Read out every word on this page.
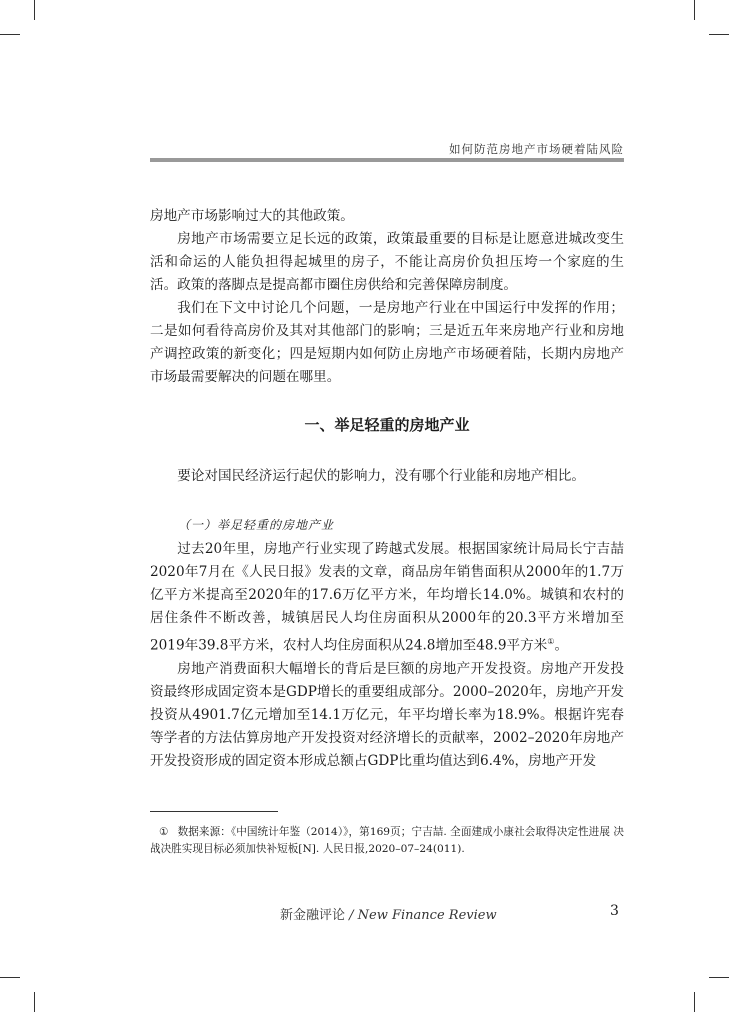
如何防范房地产市场硬着陆风险

房地产市场影响过大的其他政策。

房地产市场需要立足长远的政策，政策最重要的目标是让愿意进城改变生活和命运的人能负担得起城里的房子，不能让高房价负担压垮一个家庭的生活。政策的落脚点是提高都市圈住房供给和完善保障房制度。

我们在下文中讨论几个问题，一是房地产行业在中国运行中发挥的作用；二是如何看待高房价及其对其他部门的影响；三是近五年来房地产行业和房地产调控政策的新变化；四是短期内如何防止房地产市场硬着陆，长期内房地产市场最需要解决的问题在哪里。

一、举足轻重的房地产业

要论对国民经济运行起伏的影响力，没有哪个行业能和房地产相比。

（一）举足轻重的房地产业

过去20年里，房地产行业实现了跨越式发展。根据国家统计局局长宁吉喆2020年7月在《人民日报》发表的文章，商品房年销售面积从2000年的1.7万亿平方米提高至2020年的17.6万亿平方米，年均增长14.0%。城镇和农村的居住条件不断改善，城镇居民人均住房面积从2000年的20.3平方米增加至2019年39.8平方米，农村人均住房面积从24.8增加至48.9平方米①。

房地产消费面积大幅增长的背后是巨额的房地产开发投资。房地产开发投资最终形成固定资本是GDP增长的重要组成部分。2000–2020年，房地产开发投资从4901.7亿元增加至14.1万亿元，年平均增长率为18.9%。根据许宪春等学者的方法估算房地产开发投资对经济增长的贡献率，2002–2020年房地产开发投资形成的固定资本形成总额占GDP比重均值达到6.4%，房地产开发

① 数据来源：《中国统计年鉴（2014）》，第169页；宁吉喆. 全面建成小康社会取得决定性进展 决战决胜实现目标必须加快补短板[N]. 人民日报,2020–07–24(011).
新金融评论 / New Finance Review	3
